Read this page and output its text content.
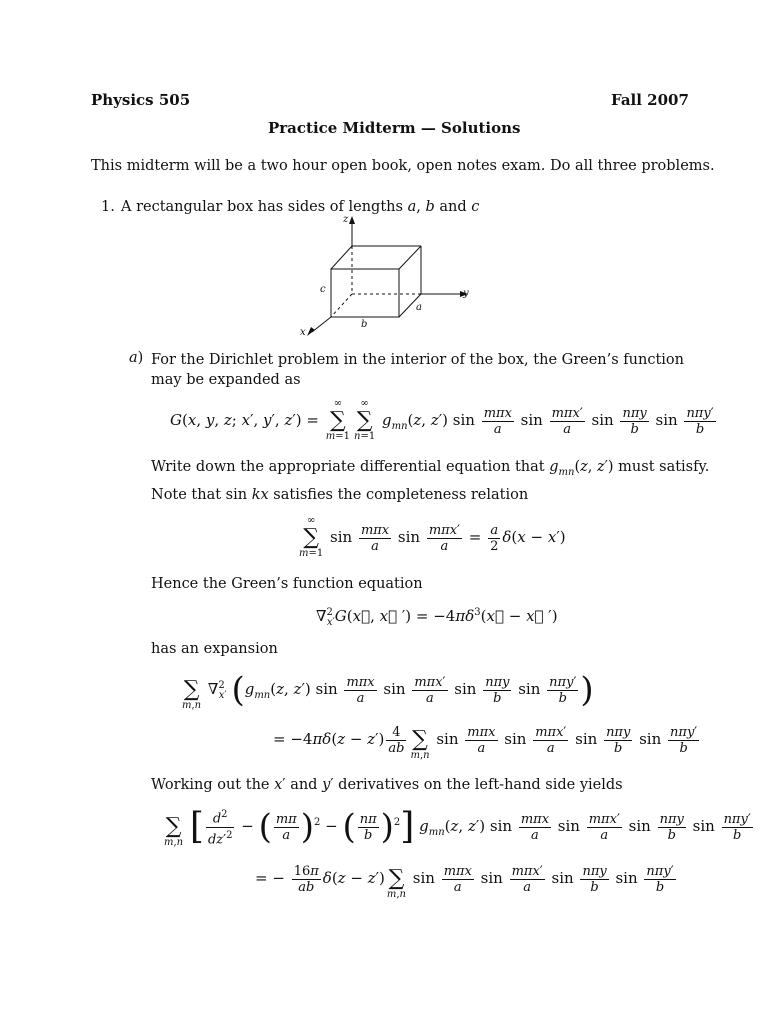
Physics 505	Fall 2007
Practice Midterm — Solutions
This midterm will be a two hour open book, open notes exam. Do all three problems.
1. A rectangular box has sides of lengths a, b and c
z
y
x
a
b
c
a) For the Dirichlet problem in the interior of the box, the Green’s function may be expanded as
G(x, y, z; x′, y′, z′) =
∞
∑
m=1
∞
∑
n=1
$g_{mn}(z$, z′) $\sin \frac{\text{mπx}}{a}$ $\sin \frac{\text{mπx′}}{a}$ $\sin \frac{\text{nπy}}{b}$ $\sin \frac{\text{nπy′}}{b}$
Write down the appropriate differential equation that $g_{mn}(z$, z′) must satisfy.
Note that sin kx satisfies the completeness relation
∞
∑
m=1
$\sin \frac{\text{mπx}}{a}$ $\sin \frac{\text{mπx′}}{a} = \frac{a}{2} \delta(x - x')$
Hence the Green’s function equation
∇$^2_{x'}$G(x⃗, x⃗ ′) = $-4\pi\delta^3(x⃗$ − x⃗ ′)
has an expansion
∑
m,n
∇$^2_{x'}$ ($g_{mn}(z$, z′) $\sin \frac{\text{mπx}}{a}$ $\sin \frac{\text{mπx′}}{a}$ $\sin \frac{\text{nπy}}{b}$ $\sin \frac{\text{nπy′}}{b}$ )
= $-4\pi\delta(z - z') \frac{4}{ab}$ ∑
m,n
$\sin \frac{\text{mπx}}{a}$ $\sin \frac{\text{mπx′}}{a}$ $\sin \frac{\text{nπy}}{b}$ $\sin \frac{\text{nπy′}}{b}$
Working out the x′ and y′ derivatives on the left-hand side yields
∑
m,n [ $\frac{d^2}{dz'^2}$ − ( $\frac{m\pi}{a} )^2$ − ( $\frac{n\pi}{b} )^2$] $g_{mn}(z$, z′) $\sin \frac{\text{mπx}}{a}$ $\sin \frac{\text{mπx′}}{a}$ $\sin \frac{\text{nπy}}{b}$ $\sin \frac{\text{nπy′}}{b}$
= − $\frac{16\pi}{ab} \delta(z - z')$ ∑
m,n
$\sin \frac{\text{mπx}}{a}$ $\sin \frac{\text{mπx′}}{a}$ $\sin \frac{\text{nπy}}{b}$ $\sin \frac{\text{nπy′}}{b}$
